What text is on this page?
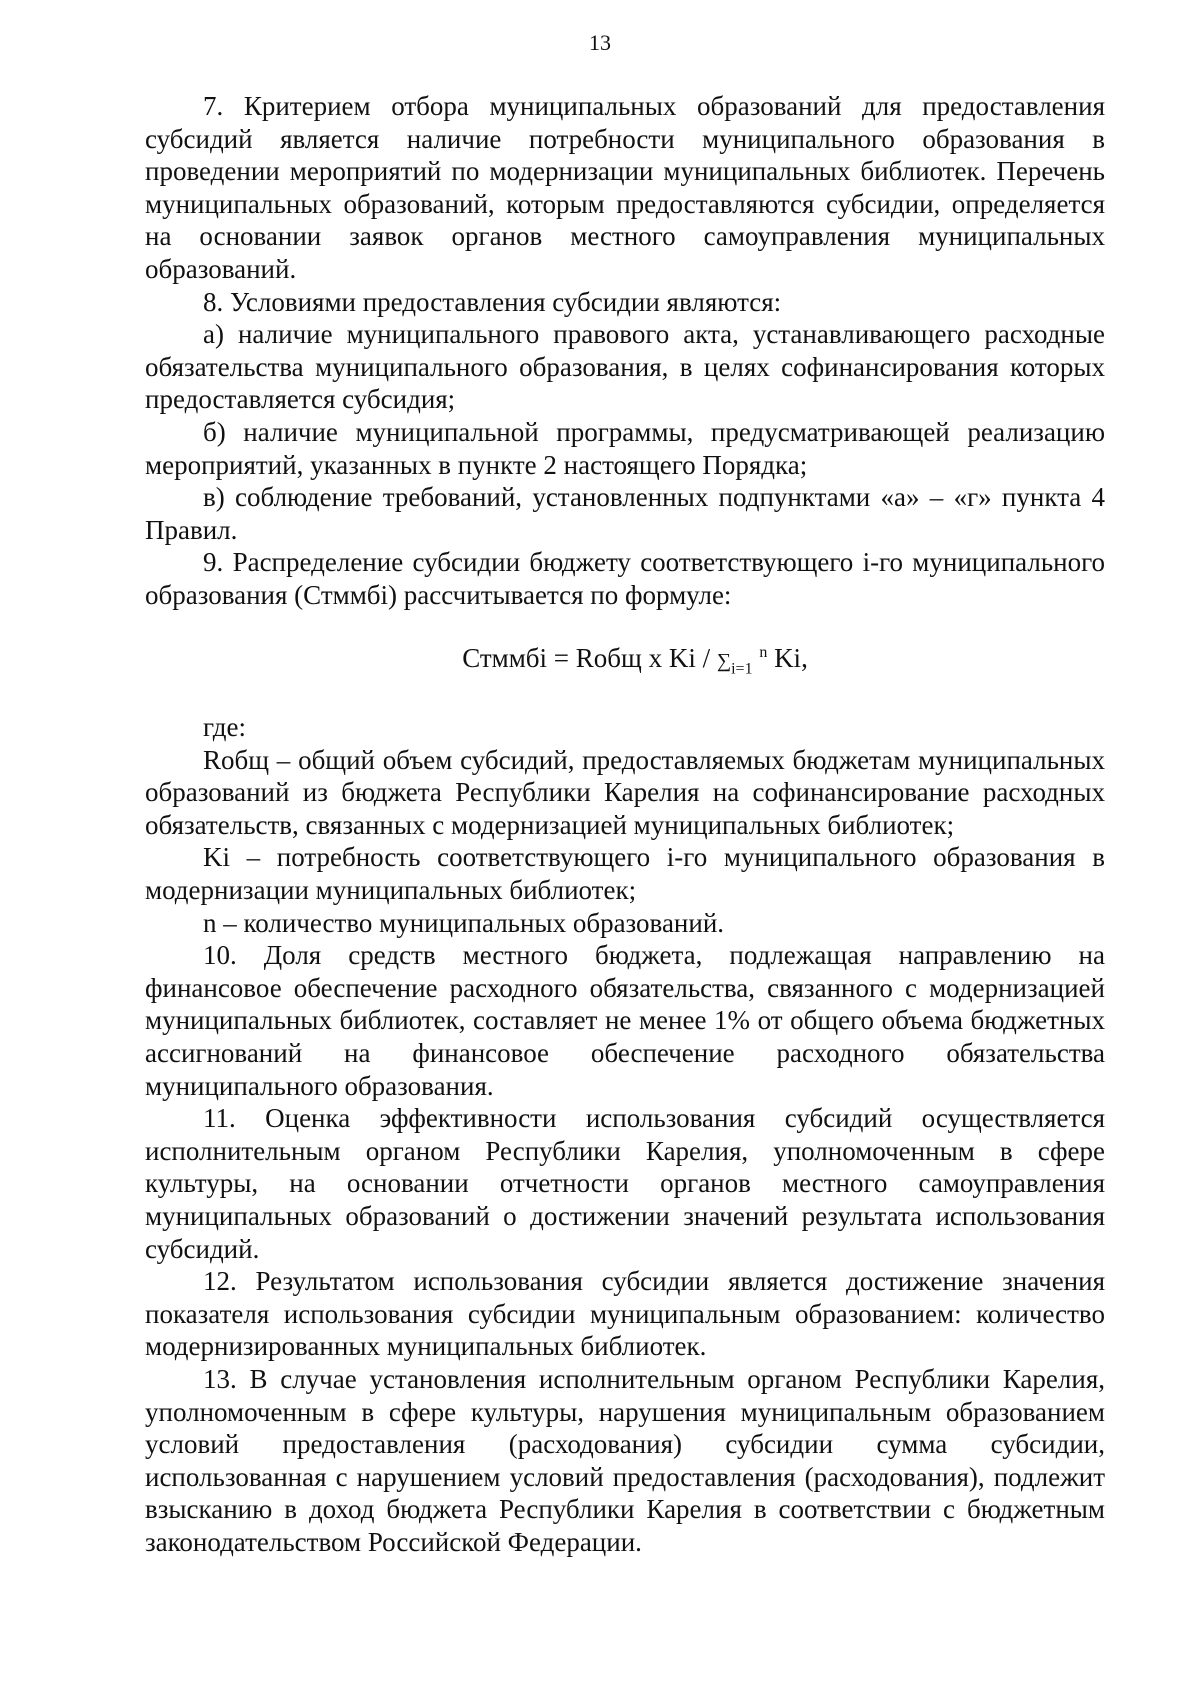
13

7. Критерием отбора муниципальных образований для предоставления субсидий является наличие потребности муниципального образования в проведении мероприятий по модернизации муниципальных библиотек. Перечень муниципальных образований, которым предоставляются субсидии, определяется на основании заявок органов местного самоуправления муниципальных образований.

8. Условиями предоставления субсидии являются:

а) наличие муниципального правового акта, устанавливающего расходные обязательства муниципального образования, в целях софинансирования которых предоставляется субсидия;

б) наличие муниципальной программы, предусматривающей реализацию мероприятий, указанных в пункте 2 настоящего Порядка;

в) соблюдение требований, установленных подпунктами «а» – «г» пункта 4 Правил.

9. Распределение субсидии бюджету соответствующего i-го муниципального образования (Стммбi) рассчитывается по формуле:

Стммбi = Rобщ x Ki / $\sum_{i=1}$ $^n$ Ki,

где:

Rобщ – общий объем субсидий, предоставляемых бюджетам муниципальных образований из бюджета Республики Карелия на софинансирование расходных обязательств, связанных с модернизацией муниципальных библиотек;

Ki – потребность соответствующего i-го муниципального образования в модернизации муниципальных библиотек;

n – количество муниципальных образований.

10. Доля средств местного бюджета, подлежащая направлению на финансовое обеспечение расходного обязательства, связанного с модернизацией муниципальных библиотек, составляет не менее 1% от общего объема бюджетных ассигнований на финансовое обеспечение расходного обязательства муниципального образования.

11. Оценка эффективности использования субсидий осуществляется исполнительным органом Республики Карелия, уполномоченным в сфере культуры, на основании отчетности органов местного самоуправления муниципальных образований о достижении значений результата использования субсидий.

12. Результатом использования субсидии является достижение значения показателя использования субсидии муниципальным образованием: количество модернизированных муниципальных библиотек.

13. В случае установления исполнительным органом Республики Карелия, уполномоченным в сфере культуры, нарушения муниципальным образованием условий предоставления (расходования) субсидии сумма субсидии, использованная с нарушением условий предоставления (расходования), подлежит взысканию в доход бюджета Республики Карелия в соответствии с бюджетным законодательством Российской Федерации.
